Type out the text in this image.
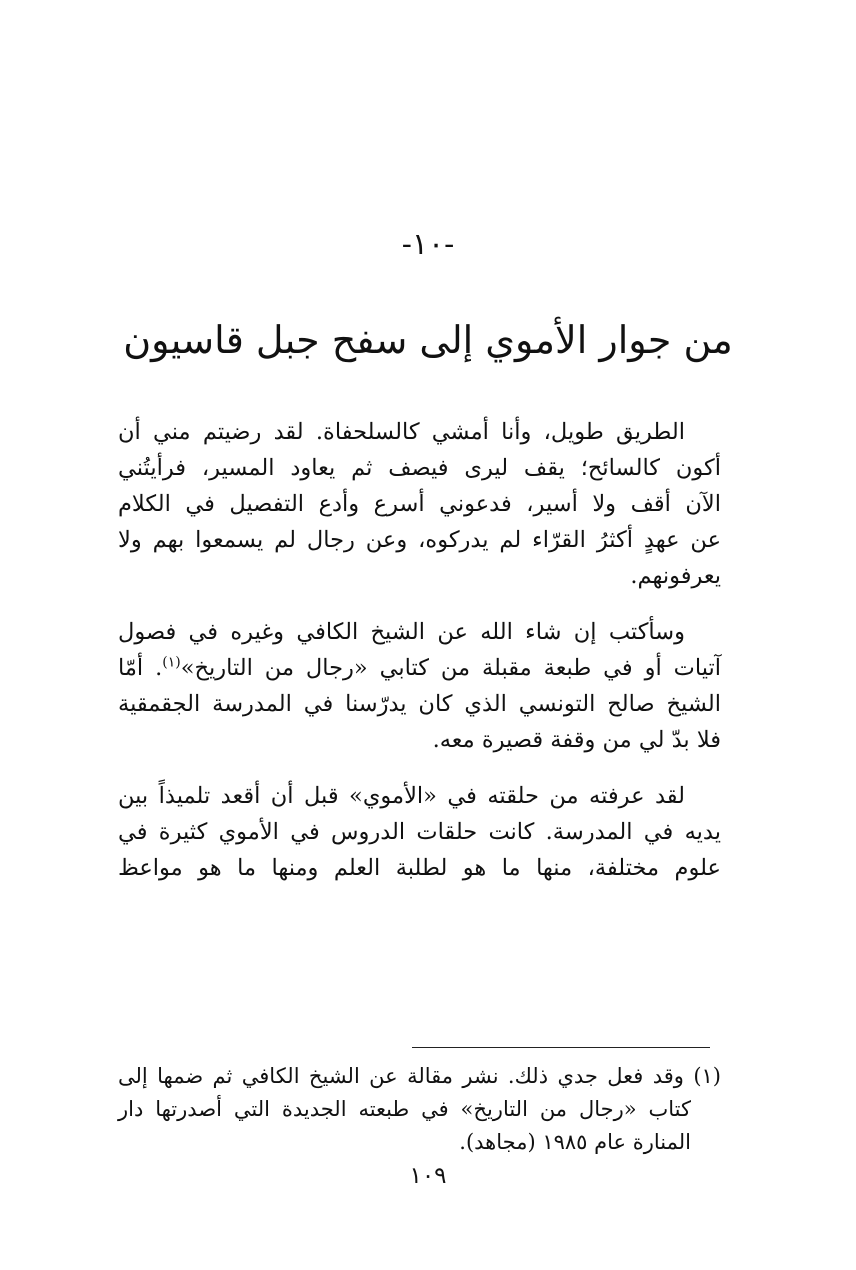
-١٠-
من جوار الأموي إلى سفح جبل قاسيون

الطريق طويل، وأنا أمشي كالسلحفاة. لقد رضيتم مني أن
أكون كالسائح؛ يقف ليرى فيصف ثم يعاود المسير، فرأيتُني
الآن أقف ولا أسير، فدعوني أسرع وأدع التفصيل في الكلام
عن عهدٍ أكثرُ القرّاء لم يدركوه، وعن رجال لم يسمعوا بهم ولا
يعرفونهم.

وسأكتب إن شاء الله عن الشيخ الكافي وغيره في فصول
آتيات أو في طبعة مقبلة من كتابي «رجال من التاريخ»$^{(١)}$. أمّا
الشيخ صالح التونسي الذي كان يدرّسنا في المدرسة الجقمقية
فلا بدّ لي من وقفة قصيرة معه.

لقد عرفته من حلقته في «الأموي» قبل أن أقعد تلميذاً بين
يديه في المدرسة. كانت حلقات الدروس في الأموي كثيرة في
علوم مختلفة، منها ما هو لطلبة العلم ومنها ما هو مواعظ

(١) وقد فعل جدي ذلك. نشر مقالة عن الشيخ الكافي ثم ضمها إلى
كتاب «رجال من التاريخ» في طبعته الجديدة التي أصدرتها دار
المنارة عام ١٩٨٥ (مجاهد).
١٠٩
